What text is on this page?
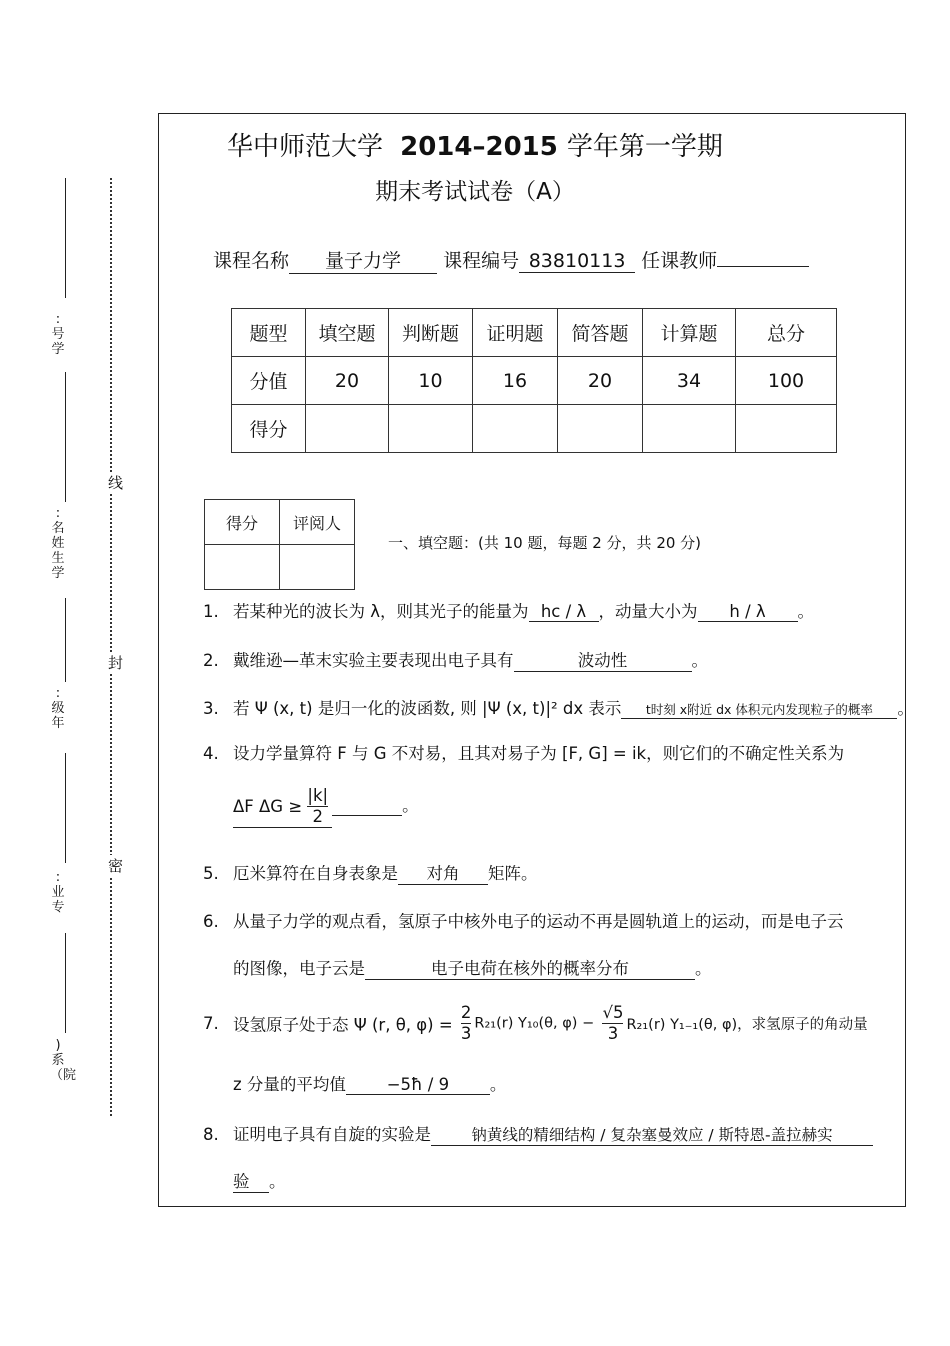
:号学
:名姓生学
:级年
:业专
)系（院
线
封
密
华中师范大学 2014–2015 学年第一学期
期末考试试卷（A）
课程名称 量子力学 课程编号 83810113 任课教师
题型	填空题	判断题	证明题	简答题	计算题	总分
分值	20	10	16	20	34	100
得分						
得分	评阅人

一、填空题：(共 10 题，每题 2 分，共 20 分)
1. 若某种光的波长为 λ，则其光子的能量为 hc / λ ，动量大小为 h / λ 。
2. 戴维逊—革末实验主要表现出电子具有	波动性	。
3. 若 Ψ (x, t) 是归一化的波函数, 则 |Ψ (x, t)|² dx 表示 t时刻 x附近 dx 体积元内发现粒子的概率 。
4. 设力学量算符 F 与 G 不对易，且其对易子为 [F, G] = ik，则它们的不确定性关系为
ΔF $\Delta G \ge \frac{|k|}{2}$	。
5. 厄米算符在自身表象是 对角 矩阵。
6. 从量子力学的观点看，氢原子中核外电子的运动不再是圆轨道上的运动，而是电子云
的图像，电子云是	电子电荷在核外的概率分布	。
7. 设氢原子处于态 Ψ (r, θ, $\varphi) = \frac{2}{3} R_{21}(r)$ Y₁₀(θ, $\varphi) - \frac{√5}{3} R_{21}(r)$ Y₁₋₁(θ, φ)，求氢原子的角动量
z 分量的平均值 −5ħ / 9 。
8. 证明电子具有自旋的实验是	钠黄线的精细结构 / 复杂塞曼效应 / 斯特恩-盖拉赫实
验 。
